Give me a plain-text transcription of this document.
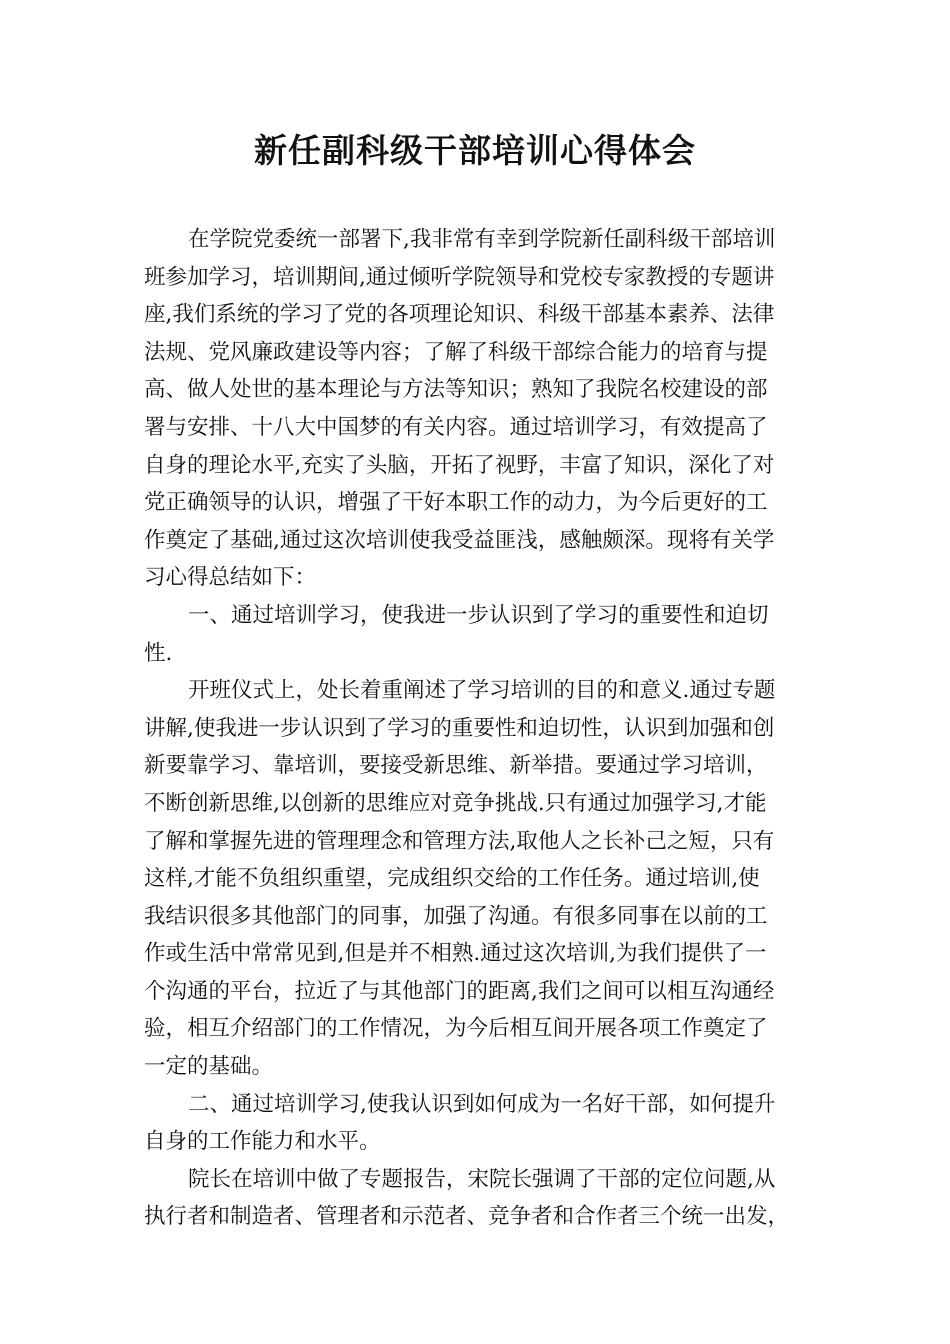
新任副科级干部培训心得体会
在学院党委统一部署下,我非常有幸到学院新任副科级干部培训
班参加学习，培训期间,通过倾听学院领导和党校专家教授的专题讲
座,我们系统的学习了党的各项理论知识、科级干部基本素养、法律
法规、党风廉政建设等内容；了解了科级干部综合能力的培育与提
高、做人处世的基本理论与方法等知识；熟知了我院名校建设的部
署与安排、十八大中国梦的有关内容。通过培训学习，有效提高了
自身的理论水平,充实了头脑，开拓了视野，丰富了知识，深化了对
党正确领导的认识，增强了干好本职工作的动力，为今后更好的工
作奠定了基础,通过这次培训使我受益匪浅，感触颇深。现将有关学
习心得总结如下：
一、通过培训学习，使我进一步认识到了学习的重要性和迫切
性.
开班仪式上，处长着重阐述了学习培训的目的和意义.通过专题
讲解,使我进一步认识到了学习的重要性和迫切性，认识到加强和创
新要靠学习、靠培训，要接受新思维、新举措。要通过学习培训，
不断创新思维,以创新的思维应对竞争挑战.只有通过加强学习,才能
了解和掌握先进的管理理念和管理方法,取他人之长补己之短，只有
这样,才能不负组织重望，完成组织交给的工作任务。通过培训,使
我结识很多其他部门的同事，加强了沟通。有很多同事在以前的工
作或生活中常常见到,但是并不相熟.通过这次培训,为我们提供了一
个沟通的平台，拉近了与其他部门的距离,我们之间可以相互沟通经
验，相互介绍部门的工作情况，为今后相互间开展各项工作奠定了
一定的基础。
二、通过培训学习,使我认识到如何成为一名好干部，如何提升
自身的工作能力和水平。
院长在培训中做了专题报告，宋院长强调了干部的定位问题,从
执行者和制造者、管理者和示范者、竞争者和合作者三个统一出发，
